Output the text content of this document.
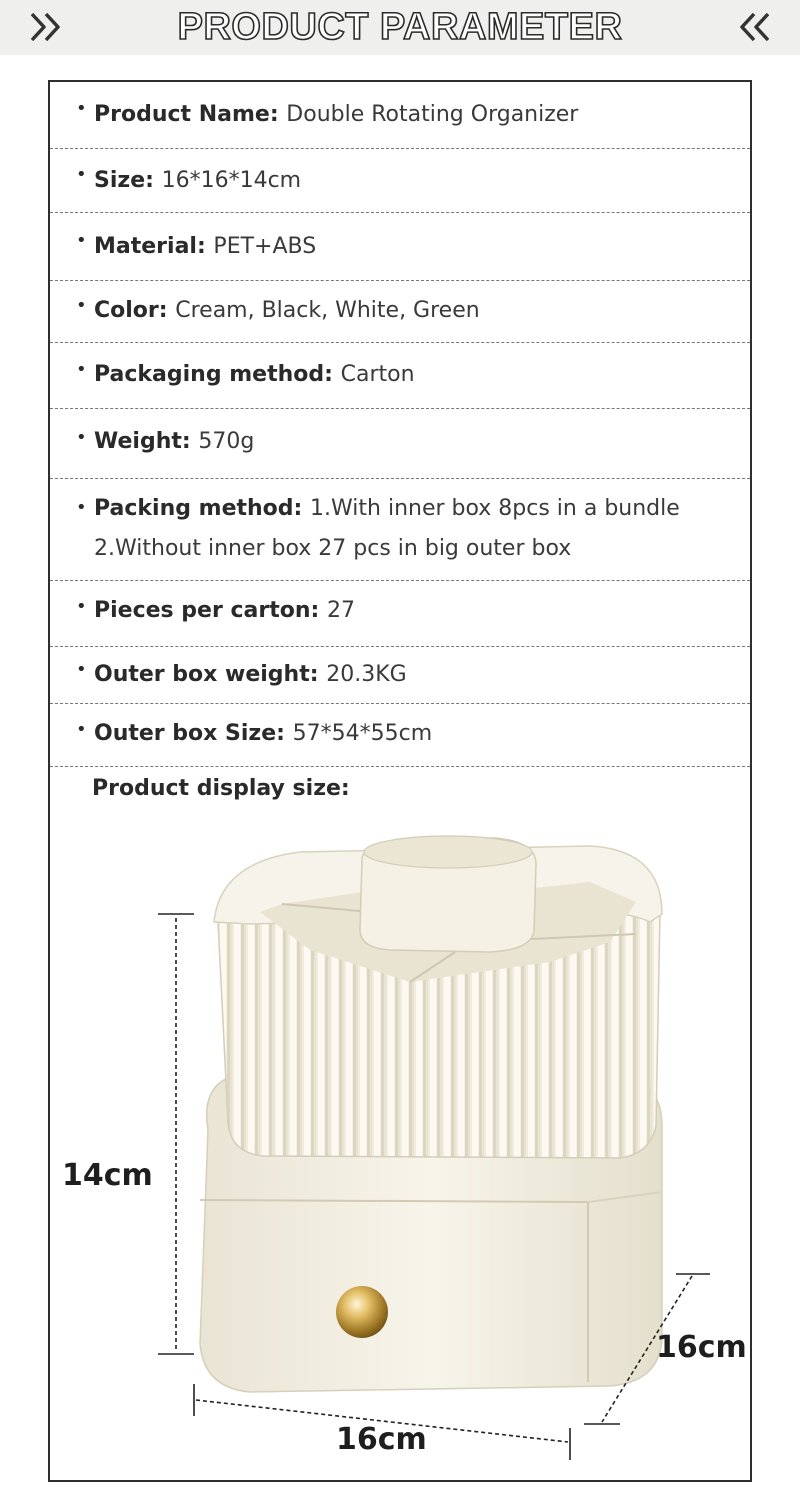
PRODUCT PARAMETER
• Product Name: Double Rotating Organizer
• Size: 16*16*14cm
• Material: PET+ABS
• Color: Cream, Black, White, Green
• Packaging method: Carton
• Weight: 570g
• Packing method: 1.With inner box 8pcs in a bundle
2.Without inner box 27 pcs in big outer box
• Pieces per carton: 27
• Outer box weight: 20.3KG
• Outer box Size: 57*54*55cm
Product display size:
14cm
16cm
16cm
